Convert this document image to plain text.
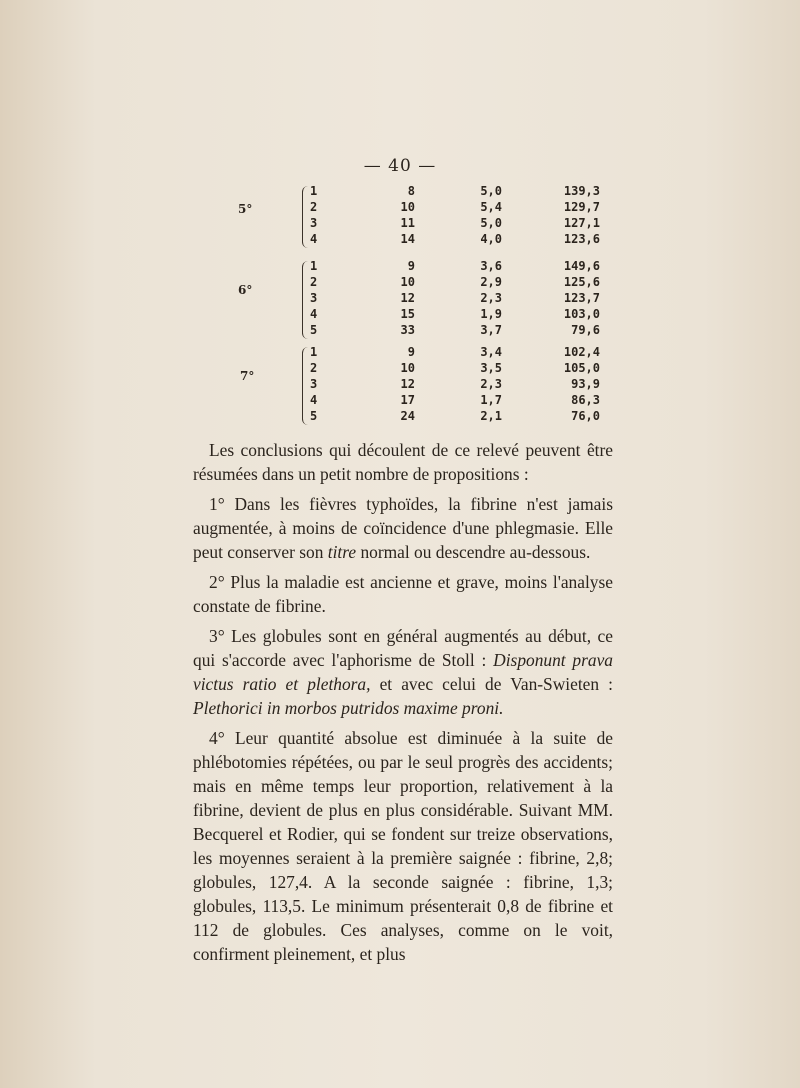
— 40 —
5°
1	8	5,0	139,3
2	10	5,4	129,7
3	11	5,0	127,1
4	14	4,0	123,6
6°
1	9	3,6	149,6
2	10	2,9	125,6
3	12	2,3	123,7
4	15	1,9	103,0
5	33	3,7	79,6
7°
1	9	3,4	102,4
2	10	3,5	105,0
3	12	2,3	93,9
4	17	1,7	86,3
5	24	2,1	76,0

Les conclusions qui découlent de ce relevé peuvent être résumées dans un petit nombre de propositions :

1° Dans les fièvres typhoïdes, la fibrine n'est jamais augmentée, à moins de coïncidence d'une phlegmasie. Elle peut conserver son titre normal ou descendre au-dessous.

2° Plus la maladie est ancienne et grave, moins l'analyse constate de fibrine.

3° Les globules sont en général augmentés au début, ce qui s'accorde avec l'aphorisme de Stoll : Disponunt prava victus ratio et plethora, et avec celui de Van-Swieten : Plethorici in morbos putridos maxime proni.

4° Leur quantité absolue est diminuée à la suite de phlébotomies répétées, ou par le seul progrès des accidents; mais en même temps leur proportion, relativement à la fibrine, devient de plus en plus considérable. Suivant MM. Becquerel et Rodier, qui se fondent sur treize observations, les moyennes seraient à la première saignée : fibrine, 2,8; globules, 127,4. A la seconde saignée : fibrine, 1,3; globules, 113,5. Le minimum présenterait 0,8 de fibrine et 112 de globules. Ces analyses, comme on le voit, confirment pleinement, et plus
